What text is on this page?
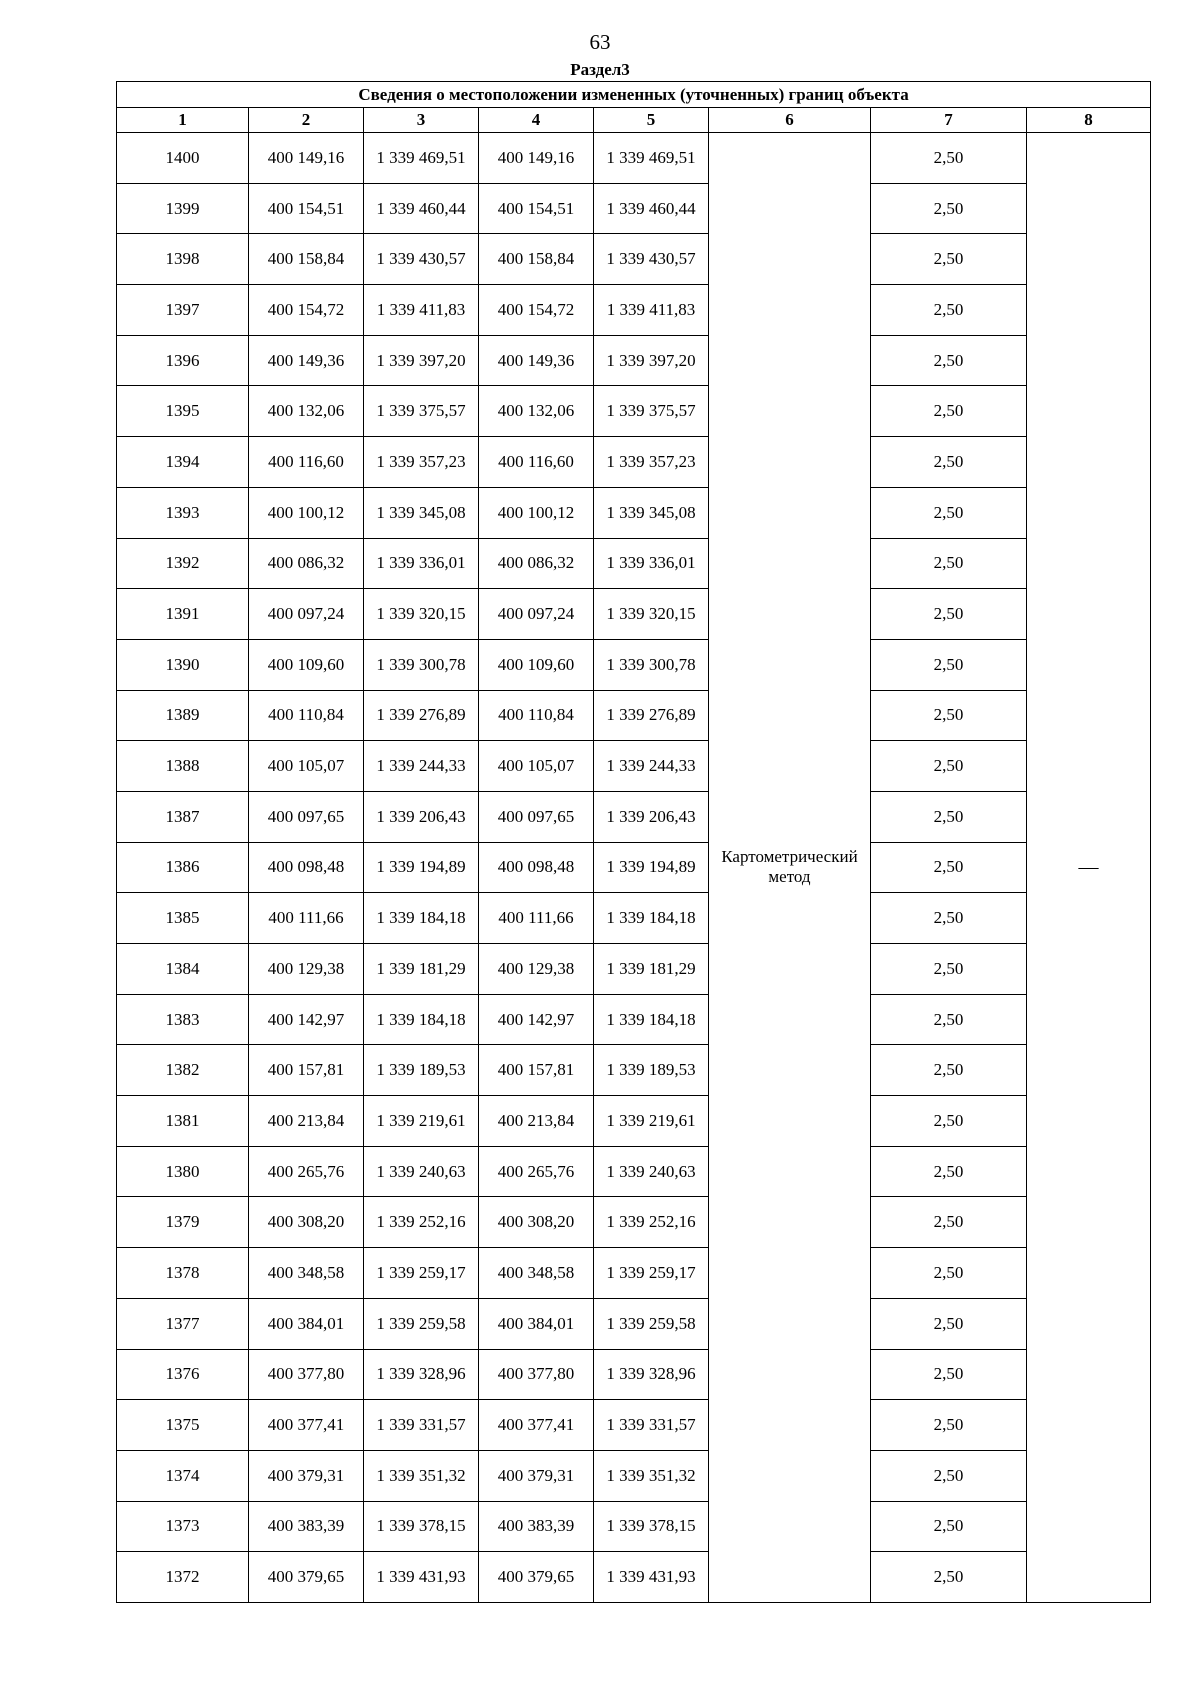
63
Раздел3
Сведения о местоположении измененных (уточненных) границ объекта							
1	2	3	4	5	6	7	8
1400	400 149,16	1 339 469,51	400 149,16	1 339 469,51	Картометрический метод	2,50	—
1399	400 154,51	1 339 460,44	400 154,51	1 339 460,44		2,50	
1398	400 158,84	1 339 430,57	400 158,84	1 339 430,57		2,50	
1397	400 154,72	1 339 411,83	400 154,72	1 339 411,83		2,50	
1396	400 149,36	1 339 397,20	400 149,36	1 339 397,20		2,50	
1395	400 132,06	1 339 375,57	400 132,06	1 339 375,57		2,50	
1394	400 116,60	1 339 357,23	400 116,60	1 339 357,23		2,50	
1393	400 100,12	1 339 345,08	400 100,12	1 339 345,08		2,50	
1392	400 086,32	1 339 336,01	400 086,32	1 339 336,01		2,50	
1391	400 097,24	1 339 320,15	400 097,24	1 339 320,15		2,50	
1390	400 109,60	1 339 300,78	400 109,60	1 339 300,78		2,50	
1389	400 110,84	1 339 276,89	400 110,84	1 339 276,89		2,50	
1388	400 105,07	1 339 244,33	400 105,07	1 339 244,33		2,50	
1387	400 097,65	1 339 206,43	400 097,65	1 339 206,43		2,50	
1386	400 098,48	1 339 194,89	400 098,48	1 339 194,89		2,50	
1385	400 111,66	1 339 184,18	400 111,66	1 339 184,18		2,50	
1384	400 129,38	1 339 181,29	400 129,38	1 339 181,29		2,50	
1383	400 142,97	1 339 184,18	400 142,97	1 339 184,18		2,50	
1382	400 157,81	1 339 189,53	400 157,81	1 339 189,53		2,50	
1381	400 213,84	1 339 219,61	400 213,84	1 339 219,61		2,50	
1380	400 265,76	1 339 240,63	400 265,76	1 339 240,63		2,50	
1379	400 308,20	1 339 252,16	400 308,20	1 339 252,16		2,50	
1378	400 348,58	1 339 259,17	400 348,58	1 339 259,17		2,50	
1377	400 384,01	1 339 259,58	400 384,01	1 339 259,58		2,50	
1376	400 377,80	1 339 328,96	400 377,80	1 339 328,96		2,50	
1375	400 377,41	1 339 331,57	400 377,41	1 339 331,57		2,50	
1374	400 379,31	1 339 351,32	400 379,31	1 339 351,32		2,50	
1373	400 383,39	1 339 378,15	400 383,39	1 339 378,15		2,50	
1372	400 379,65	1 339 431,93	400 379,65	1 339 431,93		2,50	
